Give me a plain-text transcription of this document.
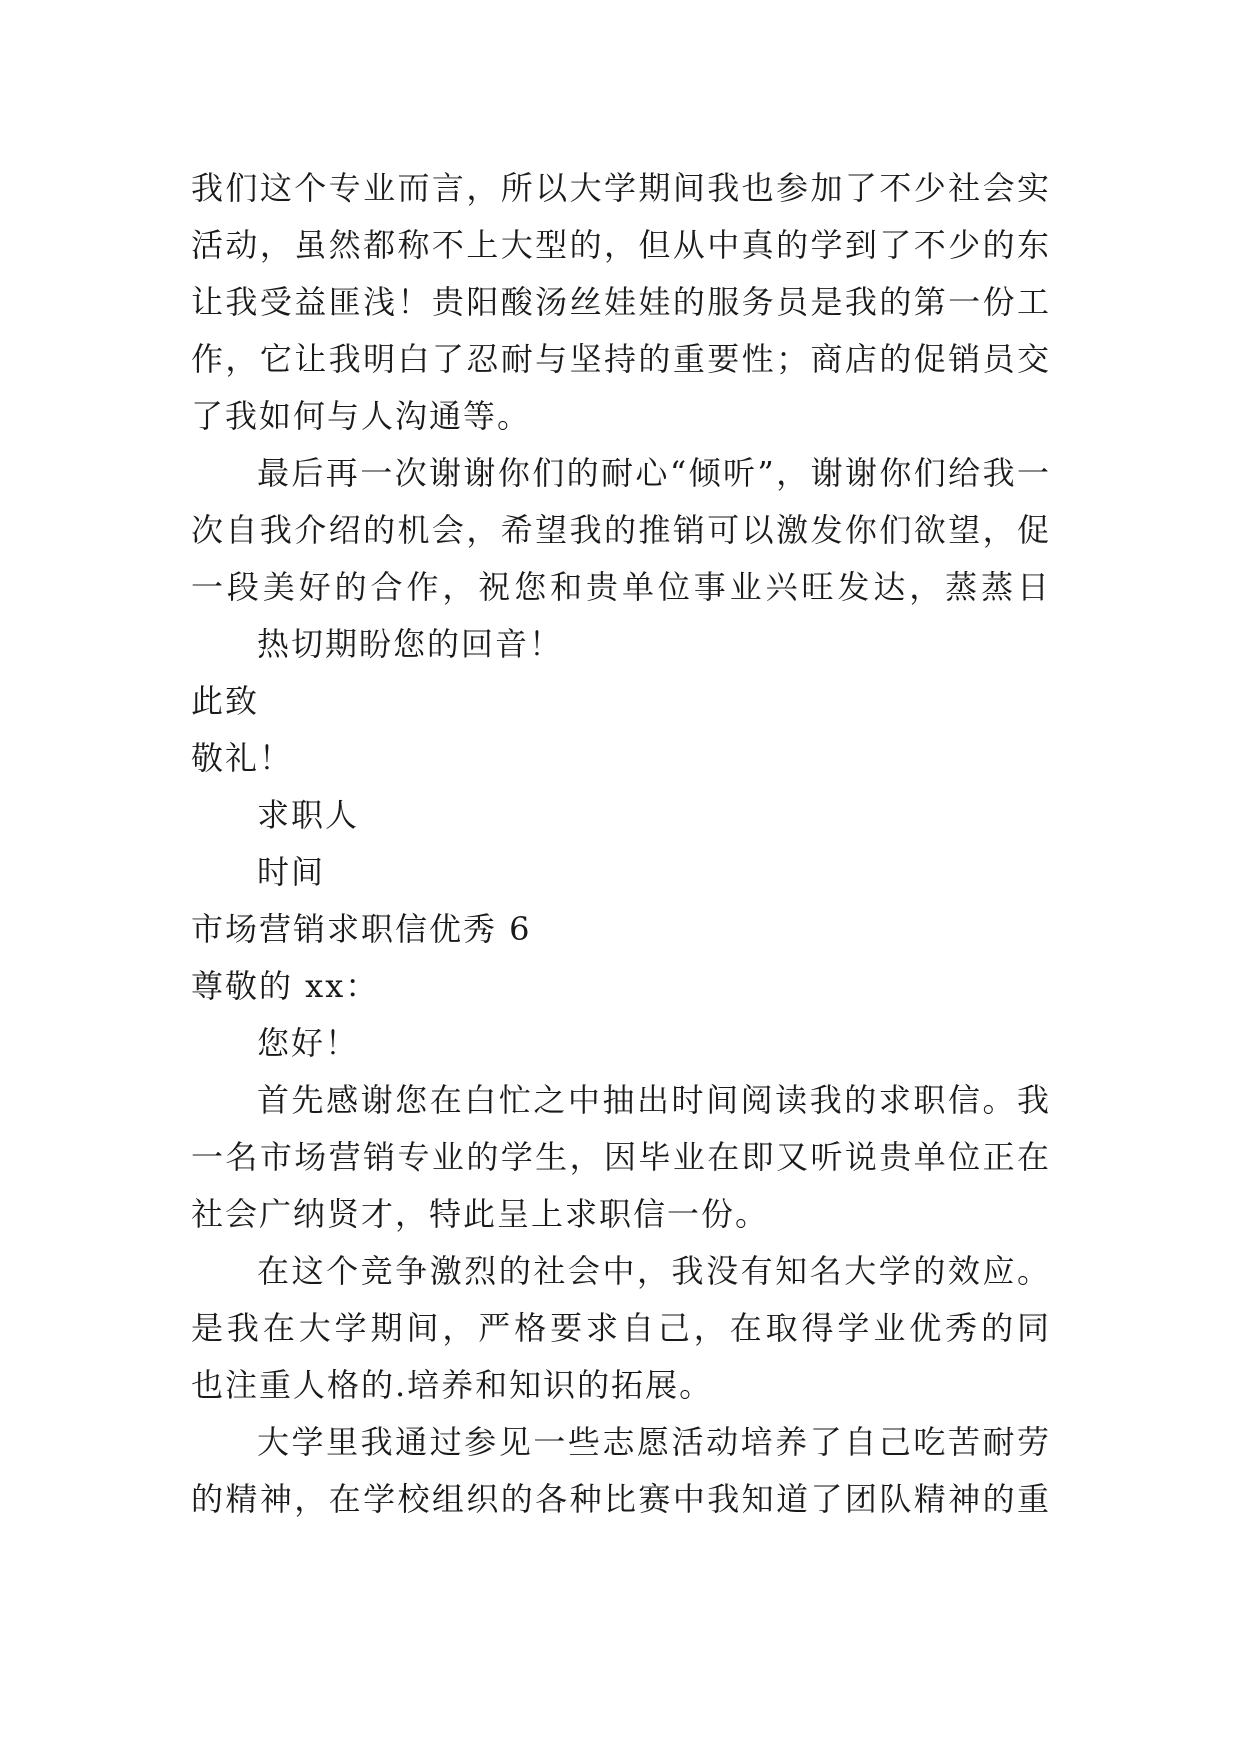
我们这个专业而言，所以大学期间我也参加了不少社会实
活动，虽然都称不上大型的，但从中真的学到了不少的东
让我受益匪浅！贵阳酸汤丝娃娃的服务员是我的第一份工
作，它让我明白了忍耐与坚持的重要性；商店的促销员交
了我如何与人沟通等。
最后再一次谢谢你们的耐心“倾听”，谢谢你们给我一
次自我介绍的机会，希望我的推销可以激发你们欲望，促
一段美好的合作，祝您和贵单位事业兴旺发达，蒸蒸日
热切期盼您的回音！
此致
敬礼！
求职人
时间
市场营销求职信优秀 6
尊敬的 xx：
您好！
首先感谢您在白忙之中抽出时间阅读我的求职信。我
一名市场营销专业的学生，因毕业在即又听说贵单位正在
社会广纳贤才，特此呈上求职信一份。
在这个竞争激烈的社会中，我没有知名大学的效应。
是我在大学期间，严格要求自己，在取得学业优秀的同
也注重人格的.培养和知识的拓展。
大学里我通过参见一些志愿活动培养了自己吃苦耐劳
的精神，在学校组织的各种比赛中我知道了团队精神的重
